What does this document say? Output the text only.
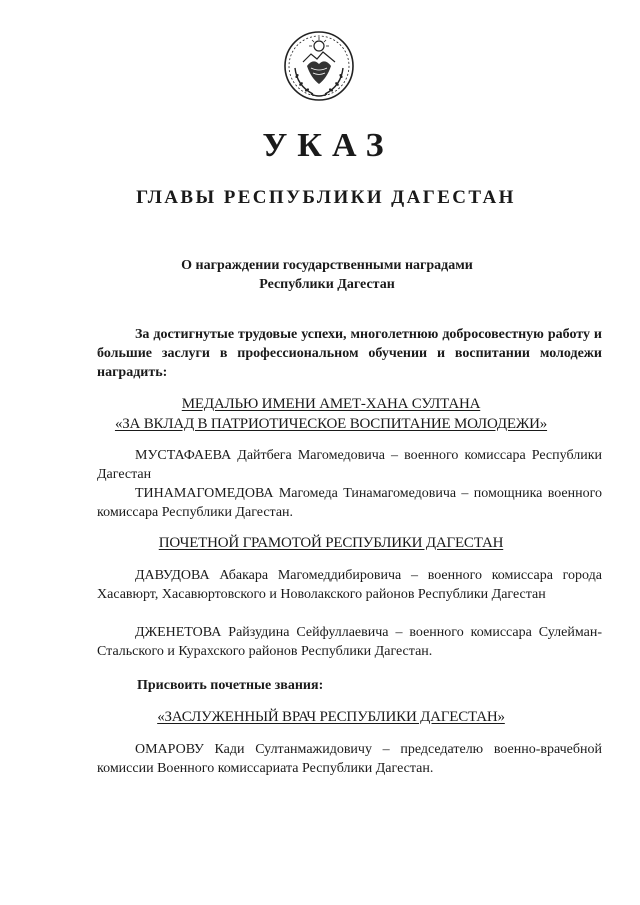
УКАЗ
ГЛАВЫ РЕСПУБЛИКИ ДАГЕСТАН
О награждении государственными наградами
Республики Дагестан

За достигнутые трудовые успехи, многолетнюю добросовестную работу и большие заслуги в профессиональном обучении и воспитании молодежи наградить:

МЕДАЛЬЮ ИМЕНИ АМЕТ-ХАНА СУЛТАНА
«ЗА ВКЛАД В ПАТРИОТИЧЕСКОЕ ВОСПИТАНИЕ МОЛОДЕЖИ»

МУСТАФАЕВА Дайтбега Магомедовича – военного комиссара Республики Дагестан

ТИНАМАГОМЕДОВА Магомеда Тинамагомедовича – помощника военного комиссара Республики Дагестан.

ПОЧЕТНОЙ ГРАМОТОЙ РЕСПУБЛИКИ ДАГЕСТАН

ДАВУДОВА Абакара Магомеддибировича – военного комиссара города Хасавюрт, Хасавюртовского и Новолакского районов Республики Дагестан

ДЖЕНЕТОВА Райзудина Сейфуллаевича – военного комиссара Сулейман-Стальского и Курахского районов Республики Дагестан.

Присвоить почетные звания:
«ЗАСЛУЖЕННЫЙ ВРАЧ РЕСПУБЛИКИ ДАГЕСТАН»

ОМАРОВУ Кади Султанмажидовичу – председателю военно-врачебной комиссии Военного комиссариата Республики Дагестан.
